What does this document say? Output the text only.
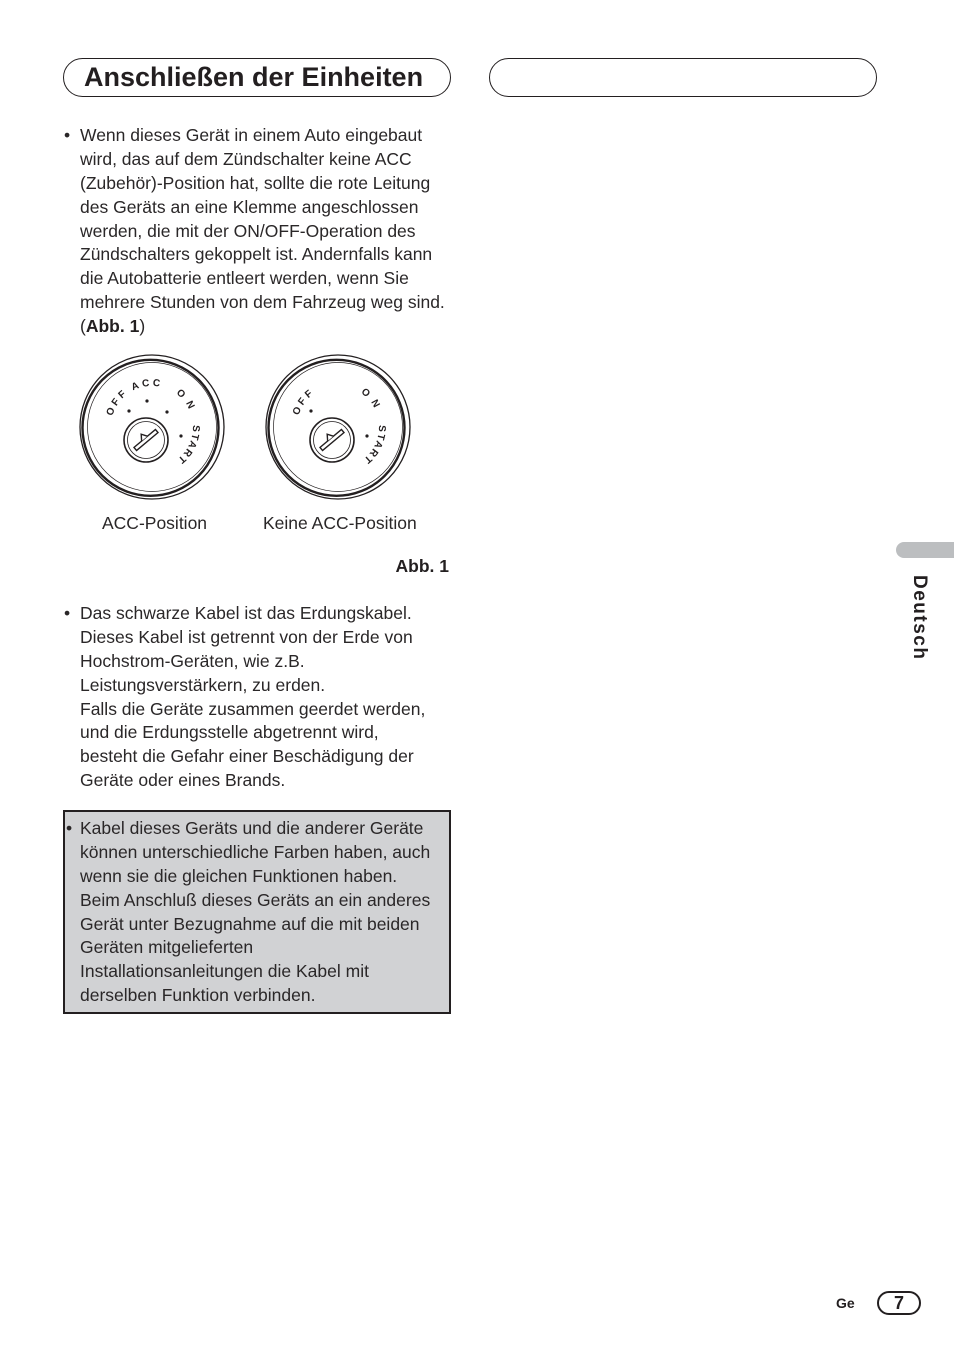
Anschließen der Einheiten
• Wenn dieses Gerät in einem Auto eingebaut
wird, das auf dem Zündschalter keine ACC
(Zubehör)-Position hat, sollte die rote Leitung
des Geräts an eine Klemme angeschlossen
werden, die mit der ON/OFF-Operation des
Zündschalters gekoppelt ist. Andernfalls kann
die Autobatterie entleert werden, wenn Sie
mehrere Stunden von dem Fahrzeug weg sind.
(Abb. 1)
OFF
ACC
ON
START
OFF	ON
START
ACC-Position	Keine ACC-Position
Abb. 1
• Das schwarze Kabel ist das Erdungskabel.
Dieses Kabel ist getrennt von der Erde von
Hochstrom-Geräten, wie z.B.
Leistungsverstärkern, zu erden.
Falls die Geräte zusammen geerdet werden,
und die Erdungsstelle abgetrennt wird,
besteht die Gefahr einer Beschädigung der
Geräte oder eines Brands.
• Kabel dieses Geräts und die anderer Geräte
können unterschiedliche Farben haben, auch
wenn sie die gleichen Funktionen haben.
Beim Anschluß dieses Geräts an ein anderes
Gerät unter Bezugnahme auf die mit beiden
Geräten mitgelieferten
Installationsanleitungen die Kabel mit
derselben Funktion verbinden.
Deutsch
Ge 7
